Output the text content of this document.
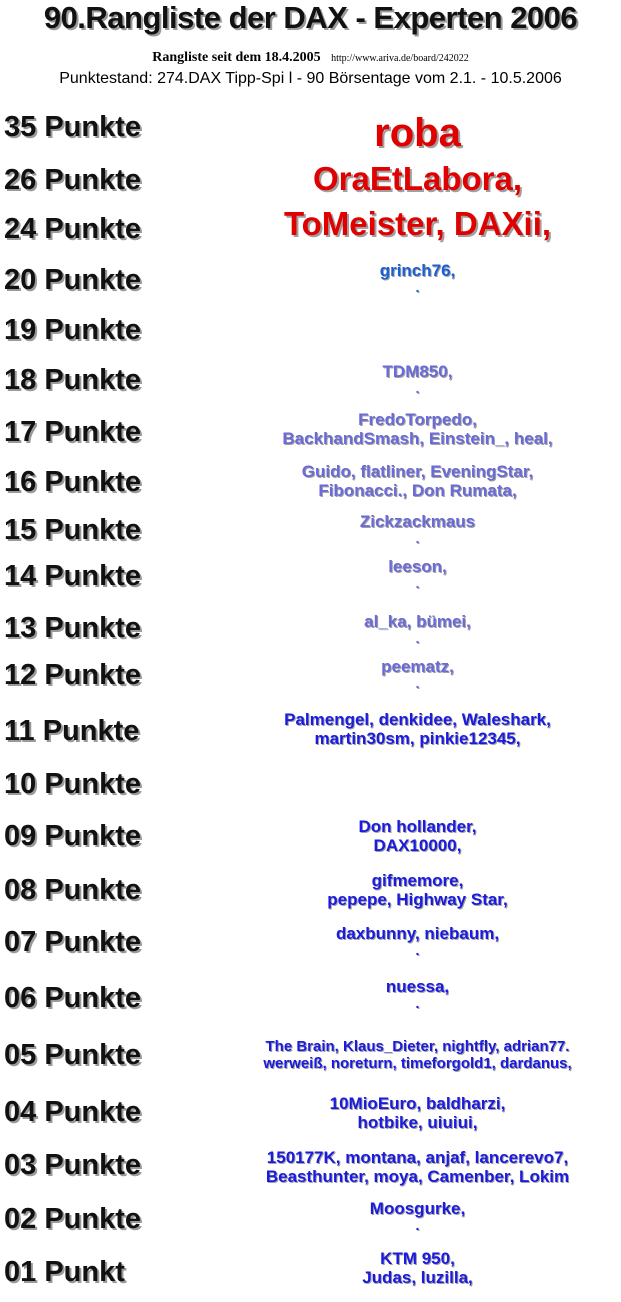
90.Rangliste der DAX - Experten 2006
Rangliste seit dem 18.4.2005 http://www.ariva.de/board/242022
Punktestand: 274.DAX Tipp-Spi l - 90 Börsentage vom 2.1. - 10.5.2006
35 Punkte	roba
26 Punkte	OraEtLabora,
24 Punkte	ToMeister, DAXii,
20 Punkte	grinch76,
.
19 Punkte
18 Punkte	TDM850,
.
17 Punkte	FredoTorpedo,
BackhandSmash, Einstein_, heal,
16 Punkte	Guido, flatliner, EveningStar,
Fibonacci., Don Rumata,
15 Punkte	Zickzackmaus
.
14 Punkte	leeson,
.
13 Punkte	al_ka, bümei,
.
12 Punkte	peematz,
.
11 Punkte	Palmengel, denkidee, Waleshark,
martin30sm, pinkie12345,
10 Punkte
09 Punkte	Don hollander,
DAX10000,
08 Punkte	gifmemore,
pepepe, Highway Star,
07 Punkte	daxbunny, niebaum,
.
06 Punkte	nuessa,
.
05 Punkte	The Brain, Klaus_Dieter, nightfly, adrian77.
werweiß, noreturn, timeforgold1, dardanus,
04 Punkte	10MioEuro, baldharzi,
hotbike, uiuiui,
03 Punkte	150177K, montana, anjaf, lancerevo7,
Beasthunter, moya, Camenber, Lokim
02 Punkte	Moosgurke,
.
01 Punkt	KTM 950,
Judas, luzilla,
